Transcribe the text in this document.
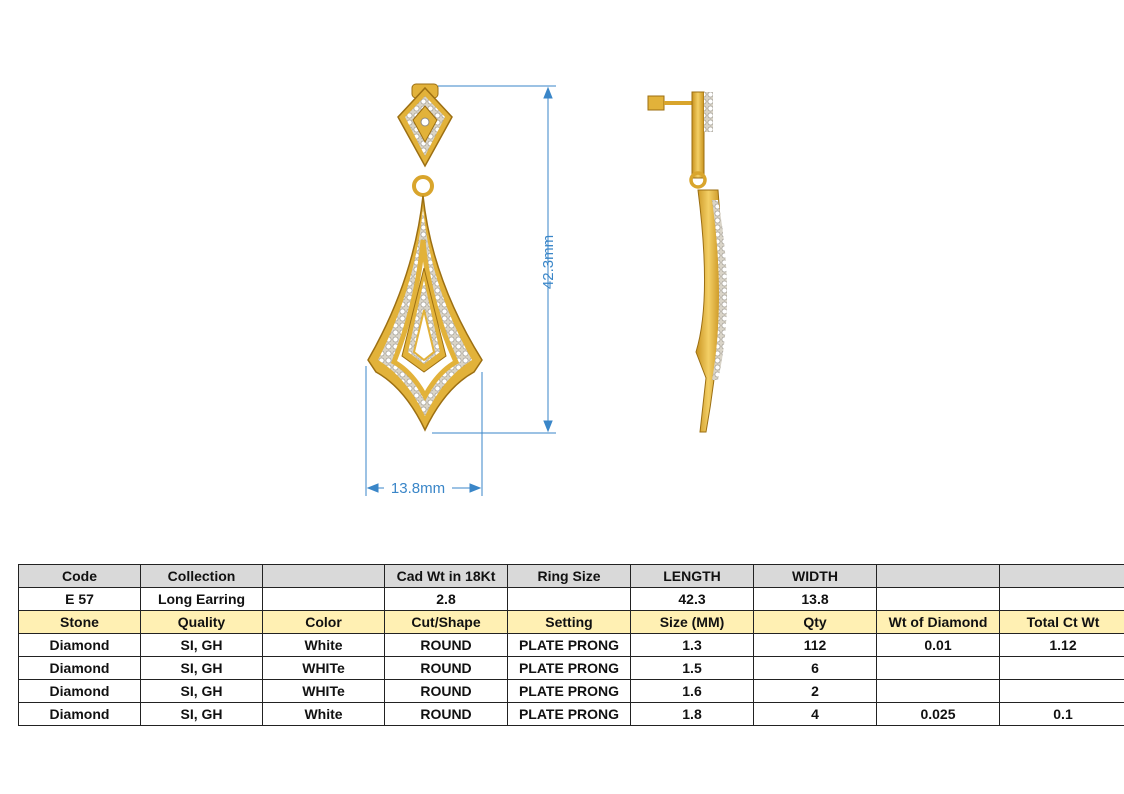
42.3mm
13.8mm
Code	Collection		Cad Wt in 18Kt	Ring Size	LENGTH	WIDTH		
E 57	Long Earring		2.8		42.3	13.8		
Stone	Quality	Color	Cut/Shape	Setting	Size (MM)	Qty	Wt of Diamond	Total Ct Wt
Diamond	SI, GH	White	ROUND	PLATE PRONG	1.3	112	0.01	1.12
Diamond	SI, GH	WHITe	ROUND	PLATE PRONG	1.5	6		
Diamond	SI, GH	WHITe	ROUND	PLATE PRONG	1.6	2		
Diamond	SI, GH	White	ROUND	PLATE PRONG	1.8	4	0.025	0.1
